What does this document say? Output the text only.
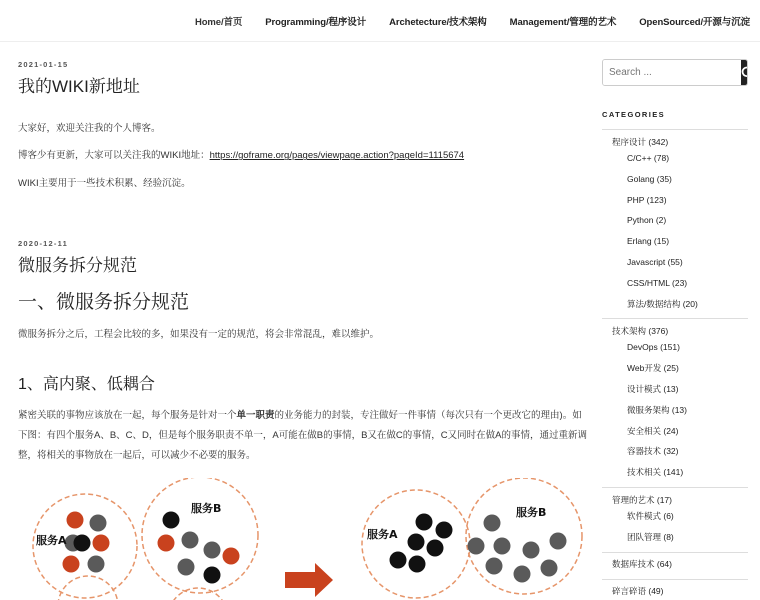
Home/首页 Programming/程序设计 Archetecture/技术架构 Management/管理的艺术 OpenSourced/开源与沉淀
2021-01-15
我的WIKI新地址

大家好，欢迎关注我的个人博客。

博客少有更新，大家可以关注我的WIKI地址：https://goframe.org/pages/viewpage.action?pageId=1115674

WIKI主要用于一些技术积累、经验沉淀。

2020-12-11
微服务拆分规范
一、微服务拆分规范

微服务拆分之后，工程会比较的多，如果没有一定的规范，将会非常混乱，难以维护。

1、高内聚、低耦合

紧密关联的事物应该放在一起，每个服务是针对一个单一职责的业务能力的封装，专注做好一件事情（每次只有一个更改它的理由)。如下图：有四个服务A、B、C、D，但是每个服务职责不单一，A可能在做B的事情，B又在做C的事情，C又同时在做A的事情，通过重新调整，将相关的事物放在一起后，可以减少不必要的服务。

服务A
服务B
服务A
服务B
Search ...
CATEGORIES
程序设计 (342)
C/C++ (78)
Golang (35)
PHP (123)
Python (2)
Erlang (15)
Javascript (55)
CSS/HTML (23)
算法/数据结构 (20)
技术架构 (376)
DevOps (151)
Web开发 (25)
设计模式 (13)
微服务架构 (13)
安全相关 (24)
容器技术 (32)
技术相关 (141)
管理的艺术 (17)
软件模式 (6)
团队管理 (8)
数据库技术 (64)
碎言碎语 (49)
